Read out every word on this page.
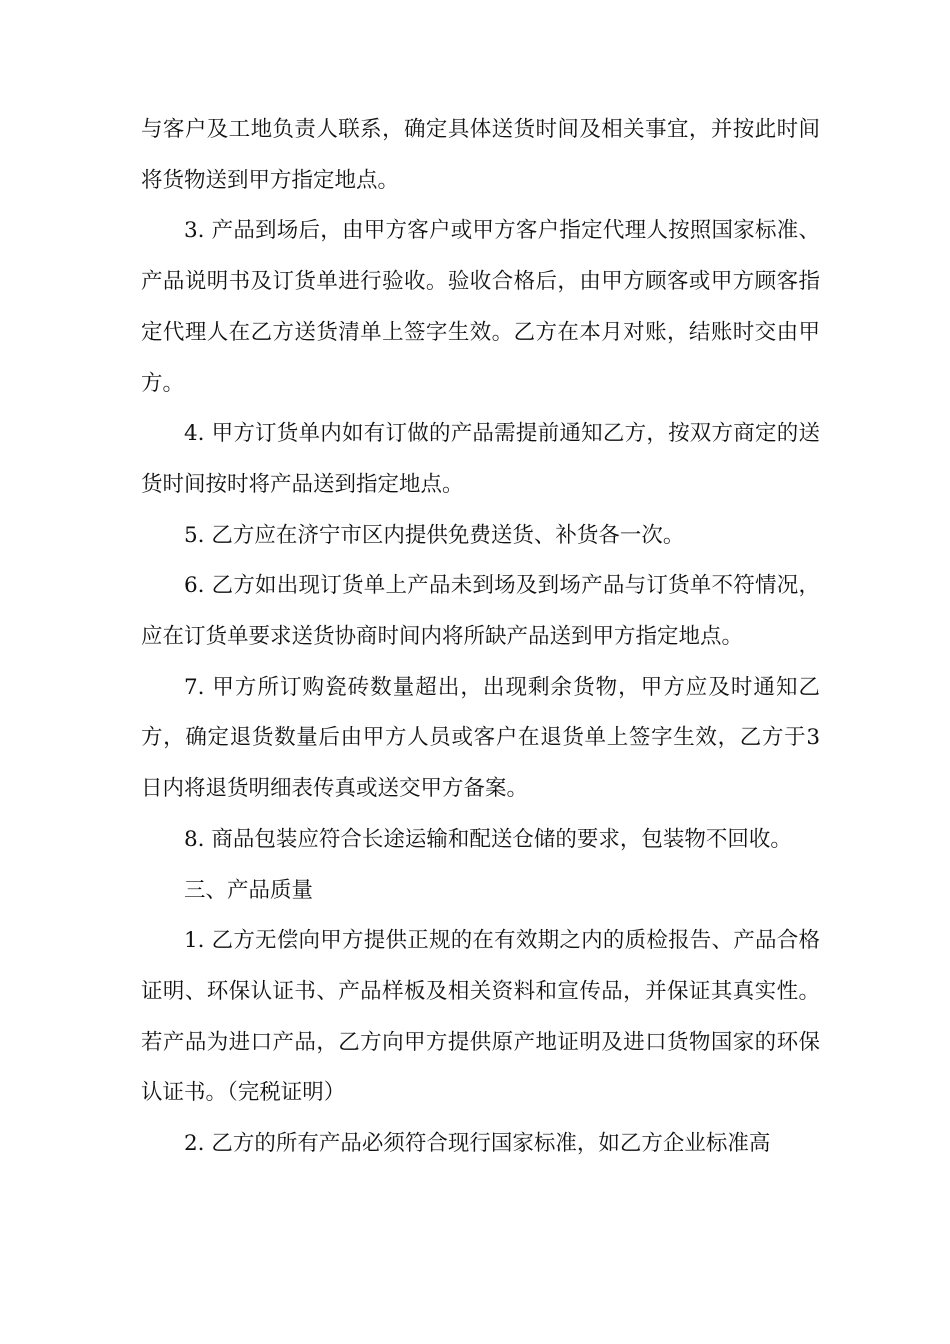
与客户及工地负责人联系，确定具体送货时间及相关事宜，并按此时间将货物送到甲方指定地点。

3. 产品到场后，由甲方客户或甲方客户指定代理人按照国家标准、产品说明书及订货单进行验收。验收合格后，由甲方顾客或甲方顾客指定代理人在乙方送货清单上签字生效。乙方在本月对账，结账时交由甲方。

4. 甲方订货单内如有订做的产品需提前通知乙方，按双方商定的送货时间按时将产品送到指定地点。

5. 乙方应在济宁市区内提供免费送货、补货各一次。

6. 乙方如出现订货单上产品未到场及到场产品与订货单不符情况，应在订货单要求送货协商时间内将所缺产品送到甲方指定地点。

7. 甲方所订购瓷砖数量超出，出现剩余货物，甲方应及时通知乙方，确定退货数量后由甲方人员或客户在退货单上签字生效，乙方于3日内将退货明细表传真或送交甲方备案。

8. 商品包装应符合长途运输和配送仓储的要求，包装物不回收。

三、产品质量

1. 乙方无偿向甲方提供正规的在有效期之内的质检报告、产品合格证明、环保认证书、产品样板及相关资料和宣传品，并保证其真实性。若产品为进口产品，乙方向甲方提供原产地证明及进口货物国家的环保认证书。（完税证明）

2. 乙方的所有产品必须符合现行国家标准，如乙方企业标准高
